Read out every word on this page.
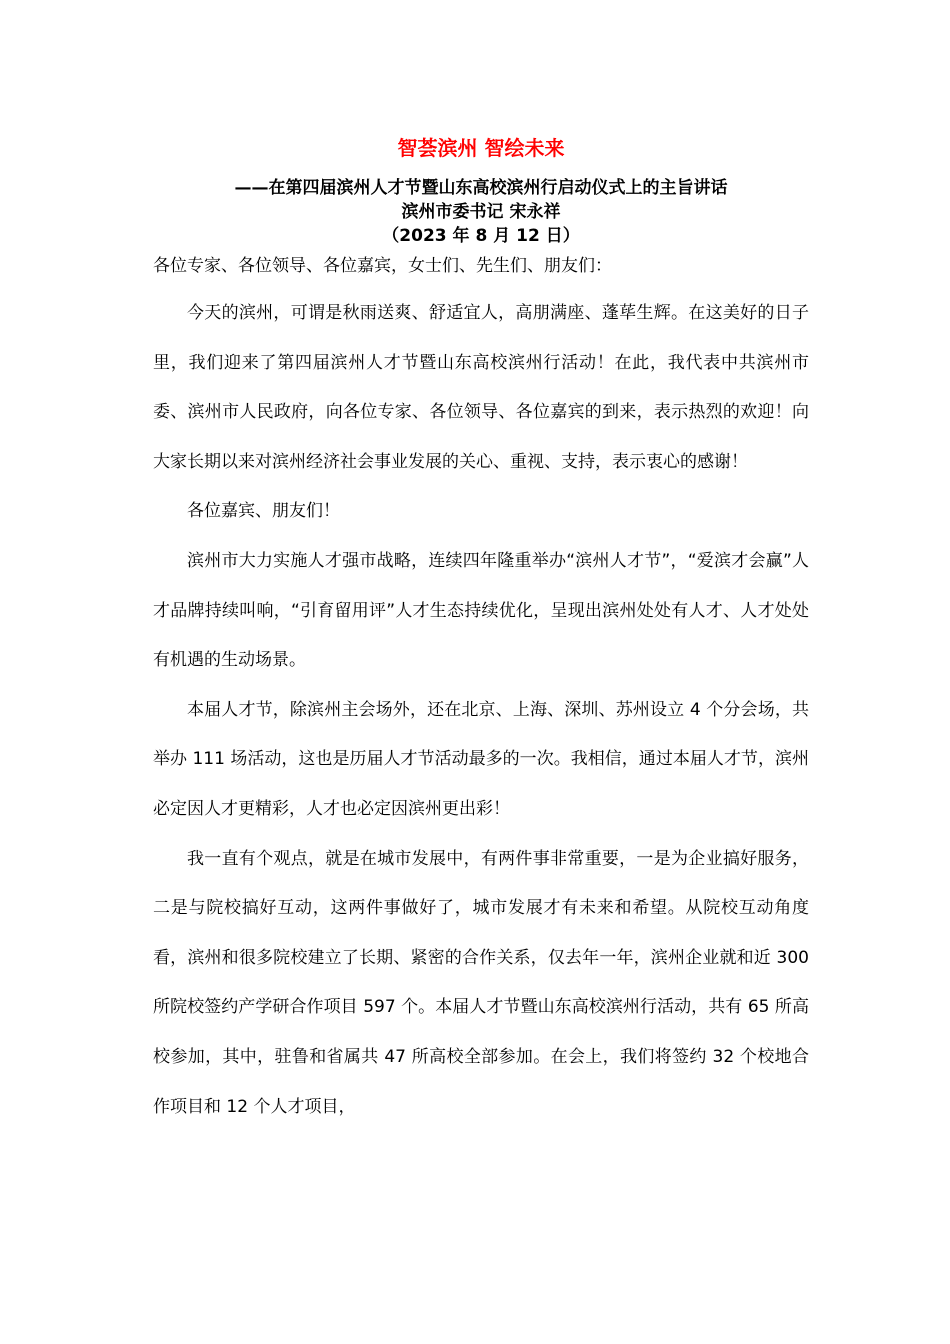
智荟滨州 智绘未来
——在第四届滨州人才节暨山东高校滨州行启动仪式上的主旨讲话
滨州市委书记 宋永祥
（2023 年 8 月 12 日）
各位专家、各位领导、各位嘉宾，女士们、先生们、朋友们：

今天的滨州，可谓是秋雨送爽、舒适宜人，高朋满座、蓬荜生辉。在这美好的日子里，我们迎来了第四届滨州人才节暨山东高校滨州行活动！在此，我代表中共滨州市委、滨州市人民政府，向各位专家、各位领导、各位嘉宾的到来，表示热烈的欢迎！向大家长期以来对滨州经济社会事业发展的关心、重视、支持，表示衷心的感谢！

各位嘉宾、朋友们！

滨州市大力实施人才强市战略，连续四年隆重举办“滨州人才节”，“爱滨才会赢”人才品牌持续叫响，“引育留用评”人才生态持续优化，呈现出滨州处处有人才、人才处处有机遇的生动场景。

本届人才节，除滨州主会场外，还在北京、上海、深圳、苏州设立 4 个分会场，共举办 111 场活动，这也是历届人才节活动最多的一次。我相信，通过本届人才节，滨州必定因人才更精彩，人才也必定因滨州更出彩！

我一直有个观点，就是在城市发展中，有两件事非常重要，一是为企业搞好服务，二是与院校搞好互动，这两件事做好了，城市发展才有未来和希望。从院校互动角度看，滨州和很多院校建立了长期、紧密的合作关系，仅去年一年，滨州企业就和近 300 所院校签约产学研合作项目 597 个。本届人才节暨山东高校滨州行活动，共有 65 所高校参加，其中，驻鲁和省属共 47 所高校全部参加。在会上，我们将签约 32 个校地合作项目和 12 个人才项目，
